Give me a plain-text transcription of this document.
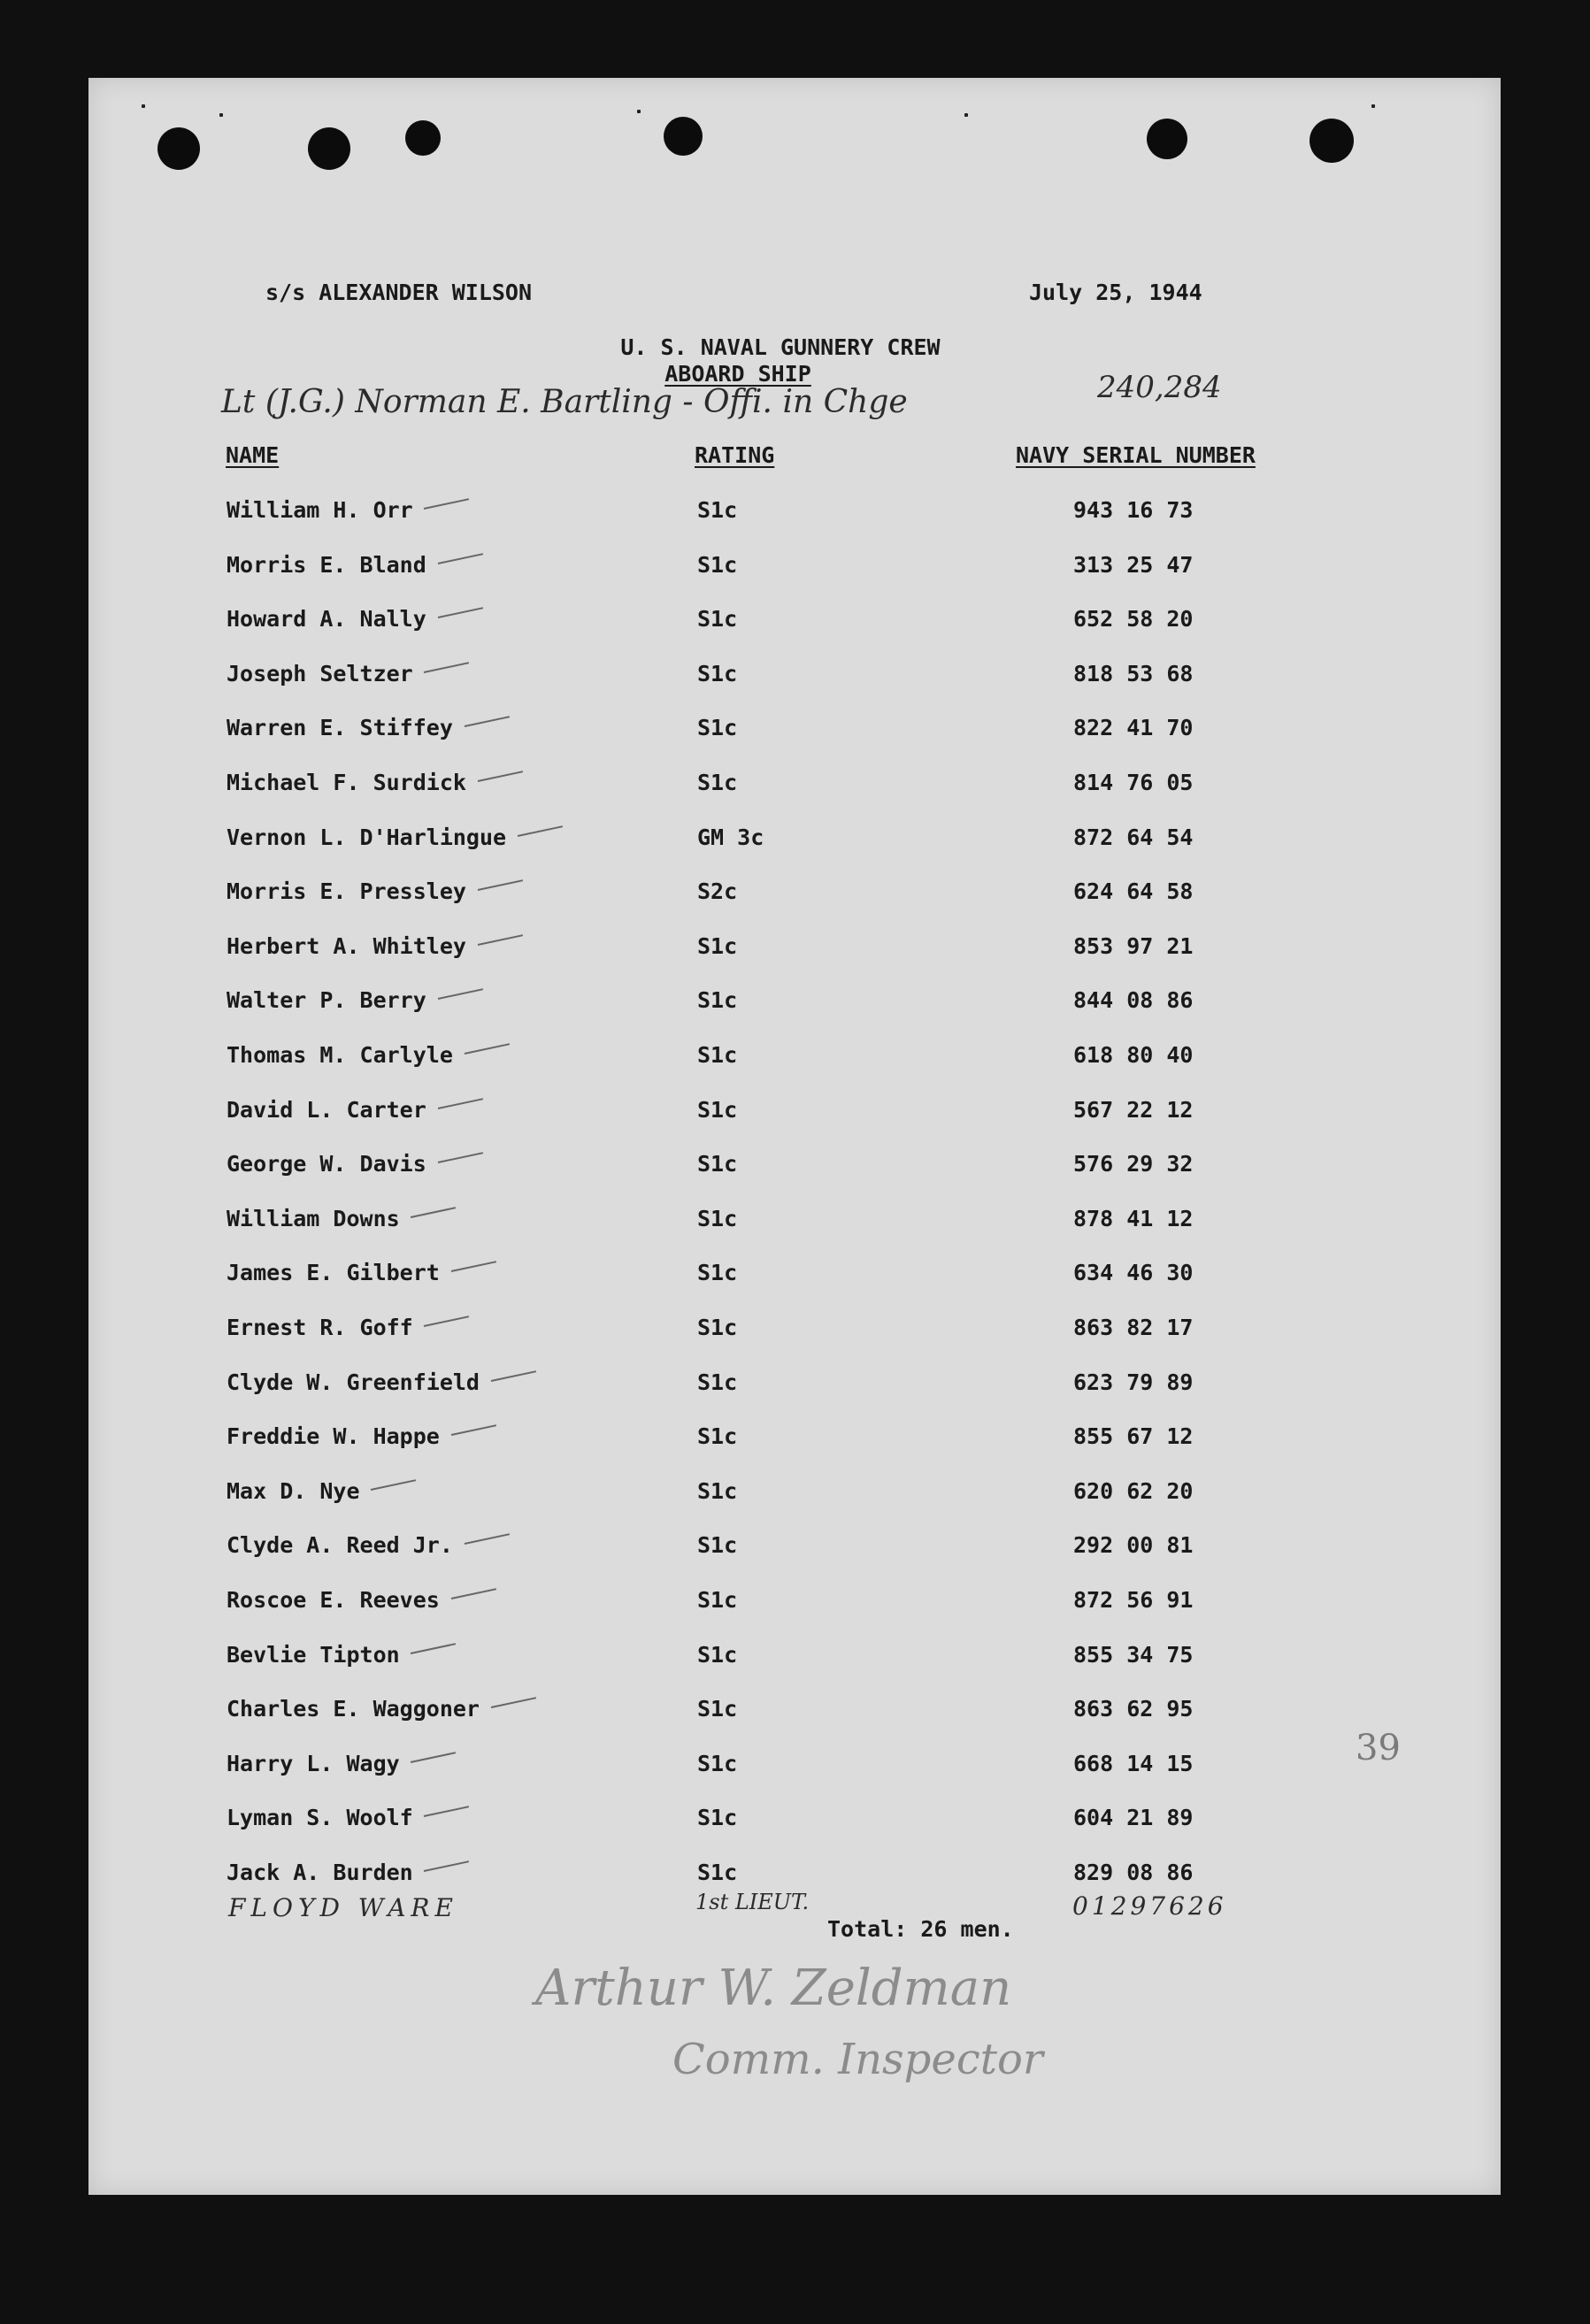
s/s ALEXANDER WILSON	July 25, 1944
U. S. NAVAL GUNNERY CREW
ABOARD SHIP
Lt (J.G.) Norman E. Bartling - Offi. in Chge	240,284
NAME	RATING	NAVY SERIAL NUMBER
William H. Orr	S1c	943 16 73
Morris E. Bland	S1c	313 25 47
Howard A. Nally	S1c	652 58 20
Joseph Seltzer	S1c	818 53 68
Warren E. Stiffey	S1c	822 41 70
Michael F. Surdick	S1c	814 76 05
Vernon L. D'Harlingue	GM 3c	872 64 54
Morris E. Pressley	S2c	624 64 58
Herbert A. Whitley	S1c	853 97 21
Walter P. Berry	S1c	844 08 86
Thomas M. Carlyle	S1c	618 80 40
David L. Carter	S1c	567 22 12
George W. Davis	S1c	576 29 32
William Downs	S1c	878 41 12
James E. Gilbert	S1c	634 46 30
Ernest R. Goff	S1c	863 82 17
Clyde W. Greenfield	S1c	623 79 89
Freddie W. Happe	S1c	855 67 12
Max D. Nye	S1c	620 62 20
Clyde A. Reed Jr.	S1c	292 00 81
Roscoe E. Reeves	S1c	872 56 91
Bevlie Tipton	S1c	855 34 75
Charles E. Waggoner	S1c	863 62 95
Harry L. Wagy	S1c	668 14 15
Lyman S. Woolf	S1c	604 21 89
Jack A. Burden	S1c	829 08 86
FLOYD WARE	1st LIEUT.	01297626
Total: 26 men.
Arthur W. Zeldman
Comm. Inspector
39
